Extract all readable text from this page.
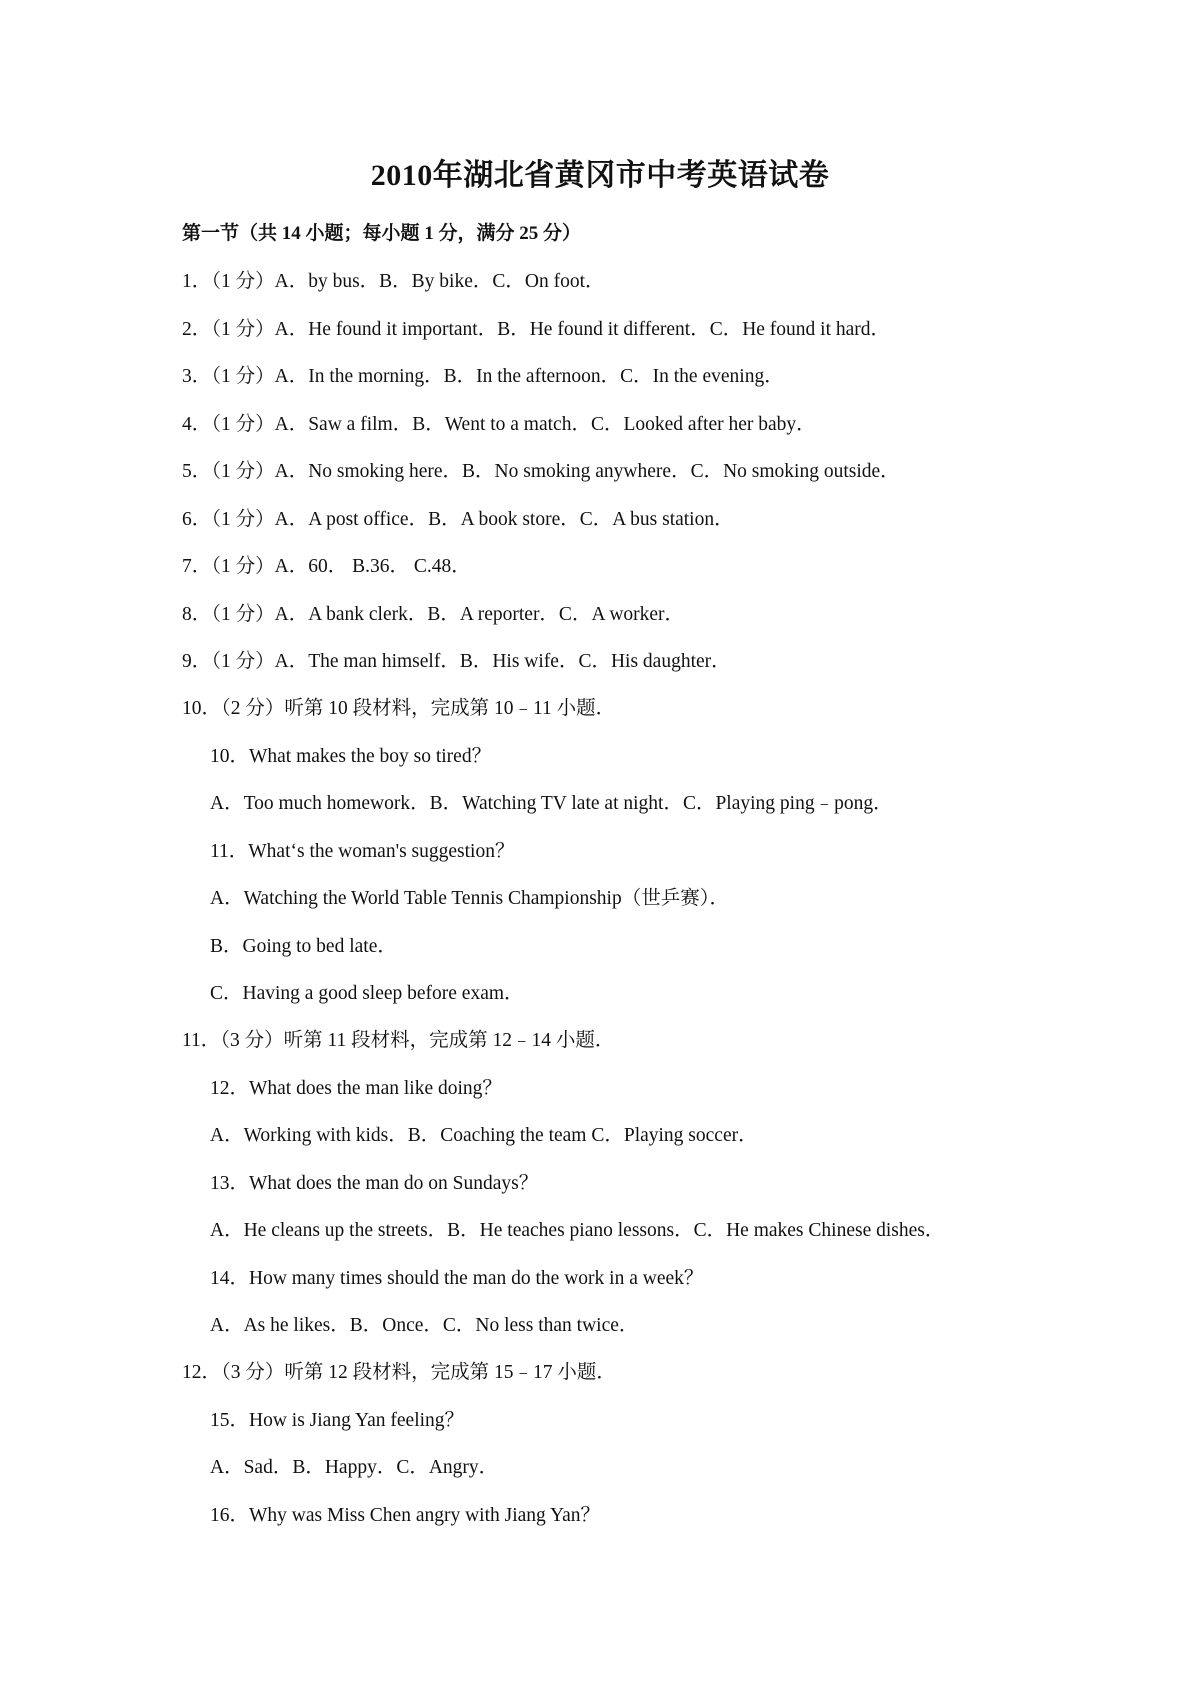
2010年湖北省黄冈市中考英语试卷
第一节（共 14 小题；每小题 1 分，满分 25 分）
1．（1 分）A．by bus．B．By bike．C．On foot．
2．（1 分）A．He found it important．B．He found it different．C．He found it hard．
3．（1 分）A．In the morning．B．In the afternoon．C．In the evening．
4．（1 分）A．Saw a film．B．Went to a match．C．Looked after her baby．
5．（1 分）A．No smoking here．B．No smoking anywhere．C．No smoking outside．
6．（1 分）A．A post office．B．A book store．C．A bus station．
7．（1 分）A．60． B.36． C.48．
8．（1 分）A．A bank clerk．B．A reporter．C．A worker．
9．（1 分）A．The man himself．B．His wife．C．His daughter．
10．（2 分）听第 10 段材料，完成第 10﹣11 小题．
10．What makes the boy so tired？
A．Too much homework．B．Watching TV late at night．C．Playing ping﹣pong．
11．What‘s the woman's suggestion？
A．Watching the World Table Tennis Championship（世乒赛）．
B．Going to bed late．
C．Having a good sleep before exam．
11．（3 分）听第 11 段材料，完成第 12﹣14 小题．
12．What does the man like doing？
A．Working with kids．B．Coaching the team C．Playing soccer．
13．What does the man do on Sundays？
A．He cleans up the streets．B．He teaches piano lessons．C．He makes Chinese dishes．
14．How many times should the man do the work in a week？
A．As he likes．B．Once．C．No less than twice．
12．（3 分）听第 12 段材料，完成第 15﹣17 小题．
15．How is Jiang Yan feeling？
A．Sad．B．Happy．C．Angry．
16．Why was Miss Chen angry with Jiang Yan？
